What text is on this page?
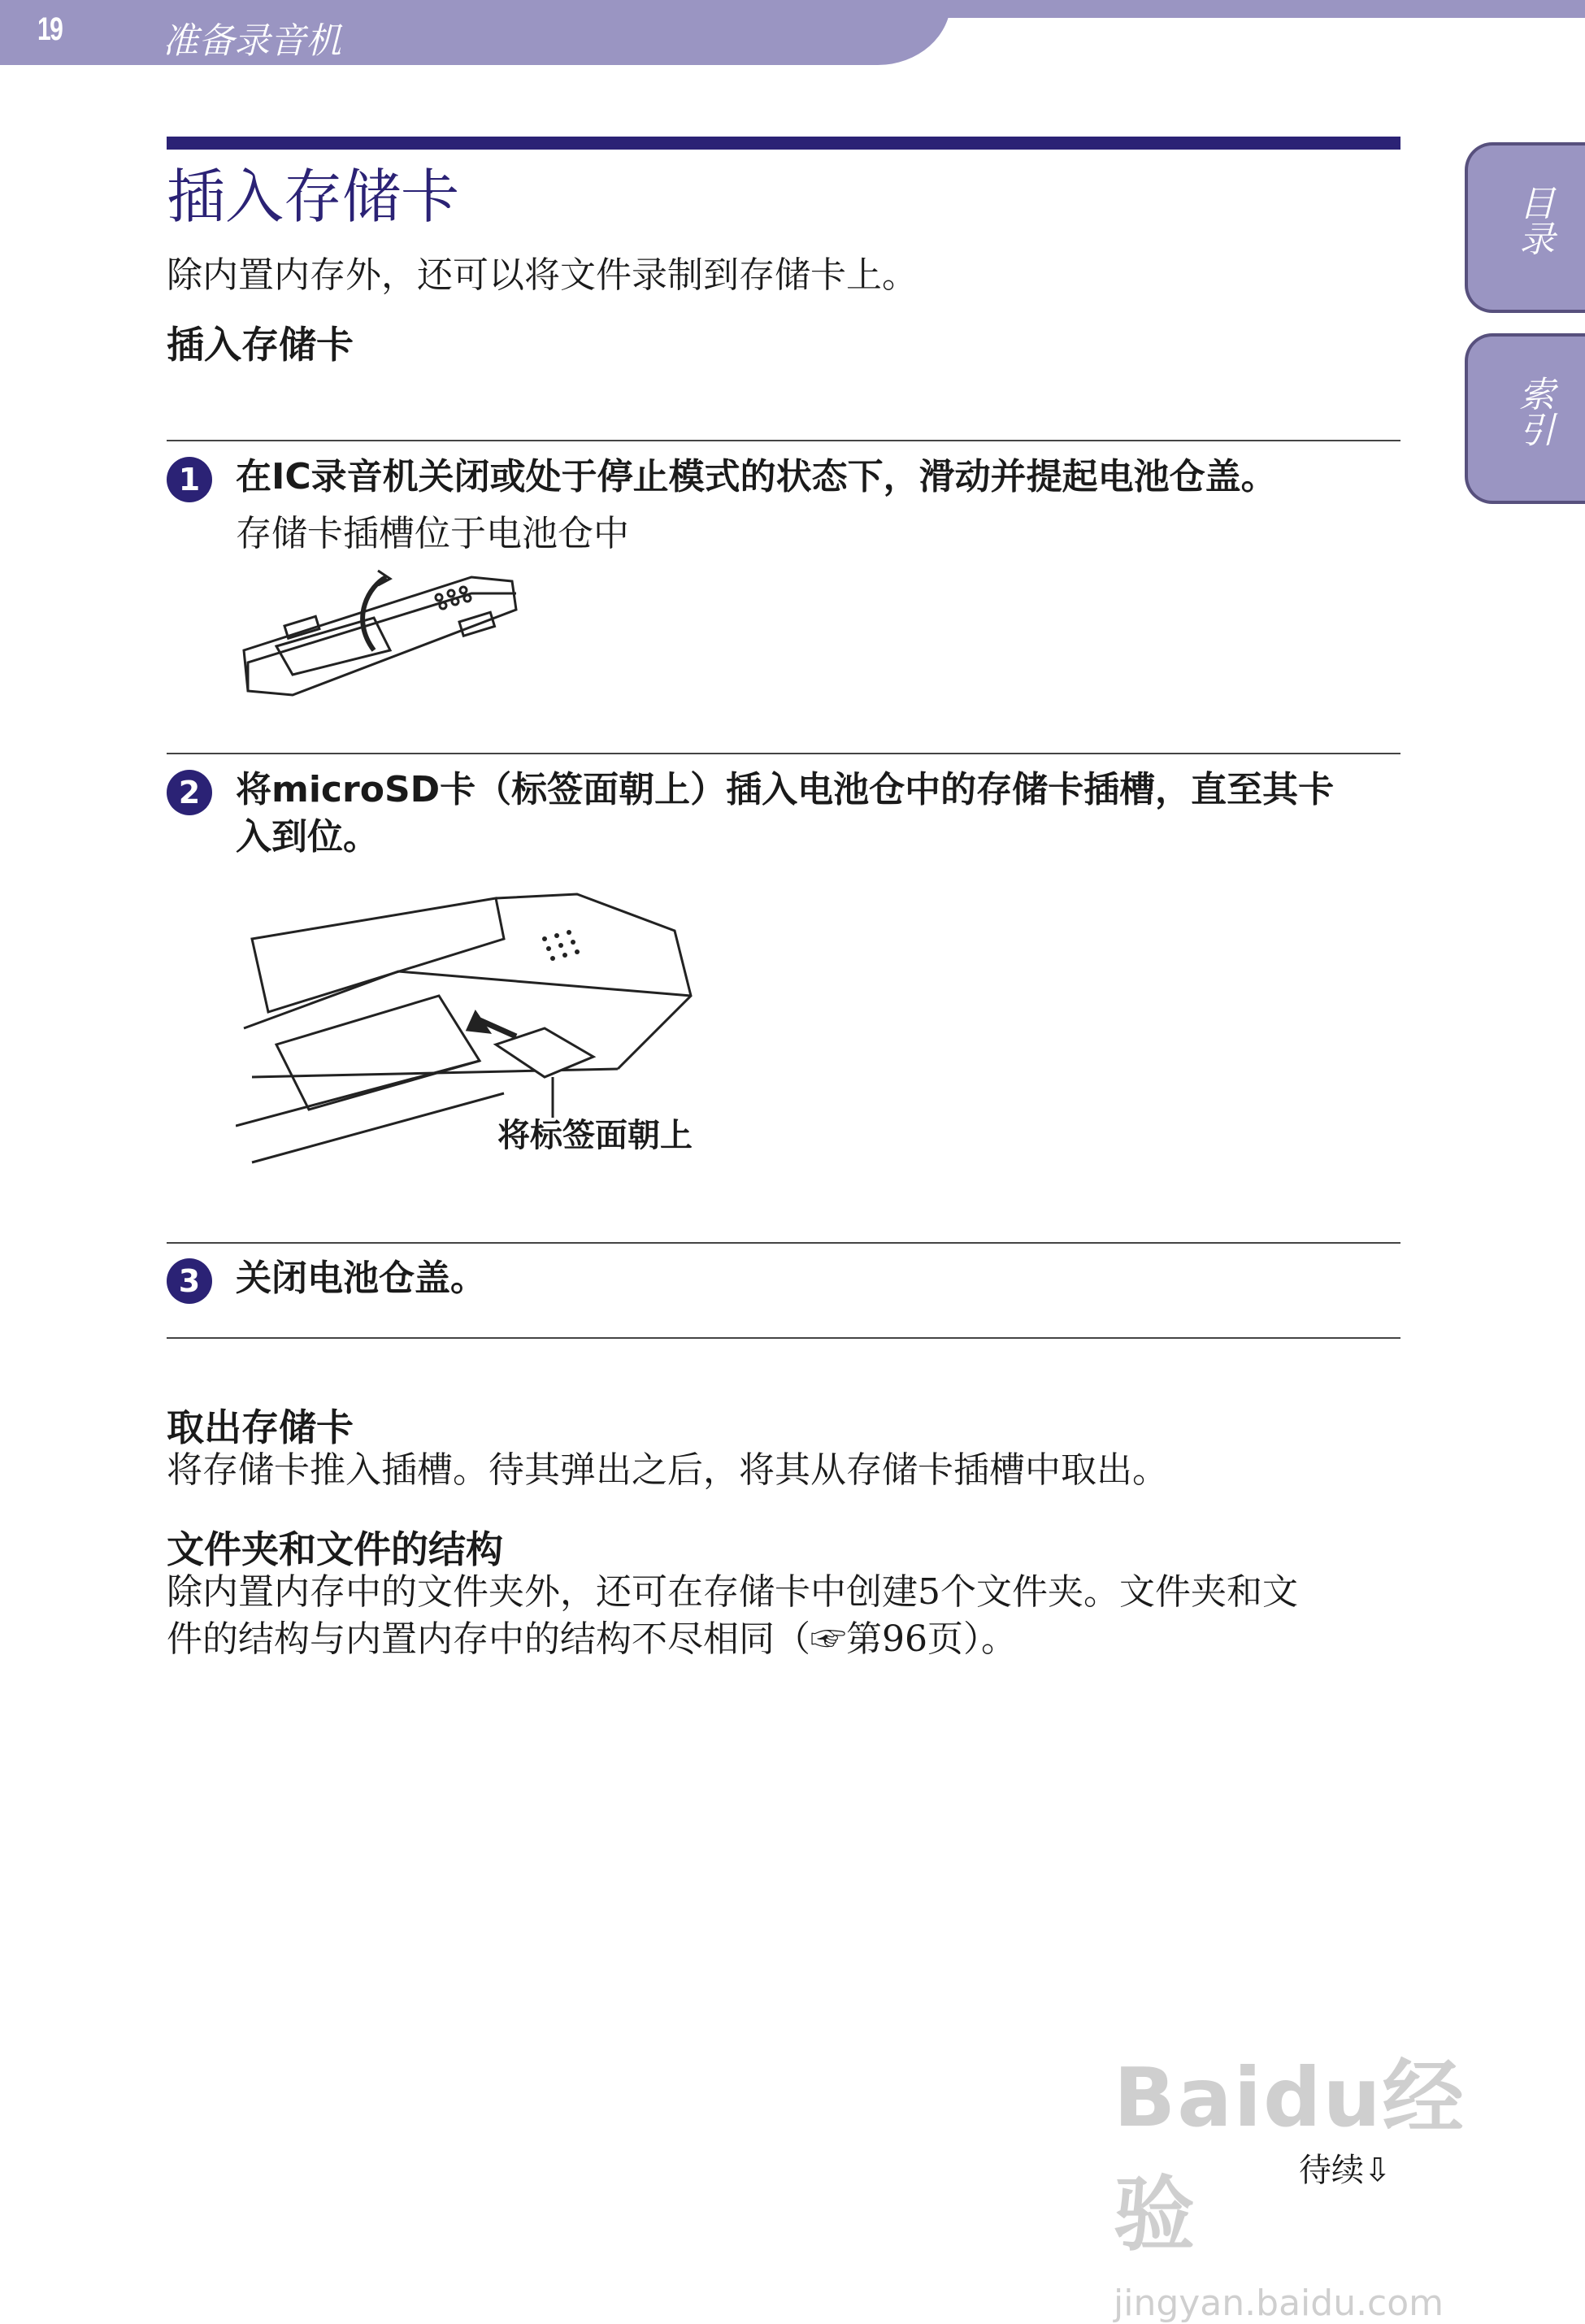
19	准备录音机
目录
索引
插入存储卡
除内置内存外，还可以将文件录制到存储卡上。
插入存储卡
1 在IC录音机关闭或处于停止模式的状态下，滑动并提起电池仓盖。
存储卡插槽位于电池仓中
2 将microSD卡（标签面朝上）插入电池仓中的存储卡插槽，直至其卡
入到位。
将标签面朝上
3 关闭电池仓盖。
取出存储卡
将存储卡推入插槽。待其弹出之后，将其从存储卡插槽中取出。
文件夹和文件的结构
除内置内存中的文件夹外，还可在存储卡中创建5个文件夹。文件夹和文
件的结构与内置内存中的结构不尽相同（☞第96页）。
Baidu经验
jingyan.baidu.com
待续⇩
